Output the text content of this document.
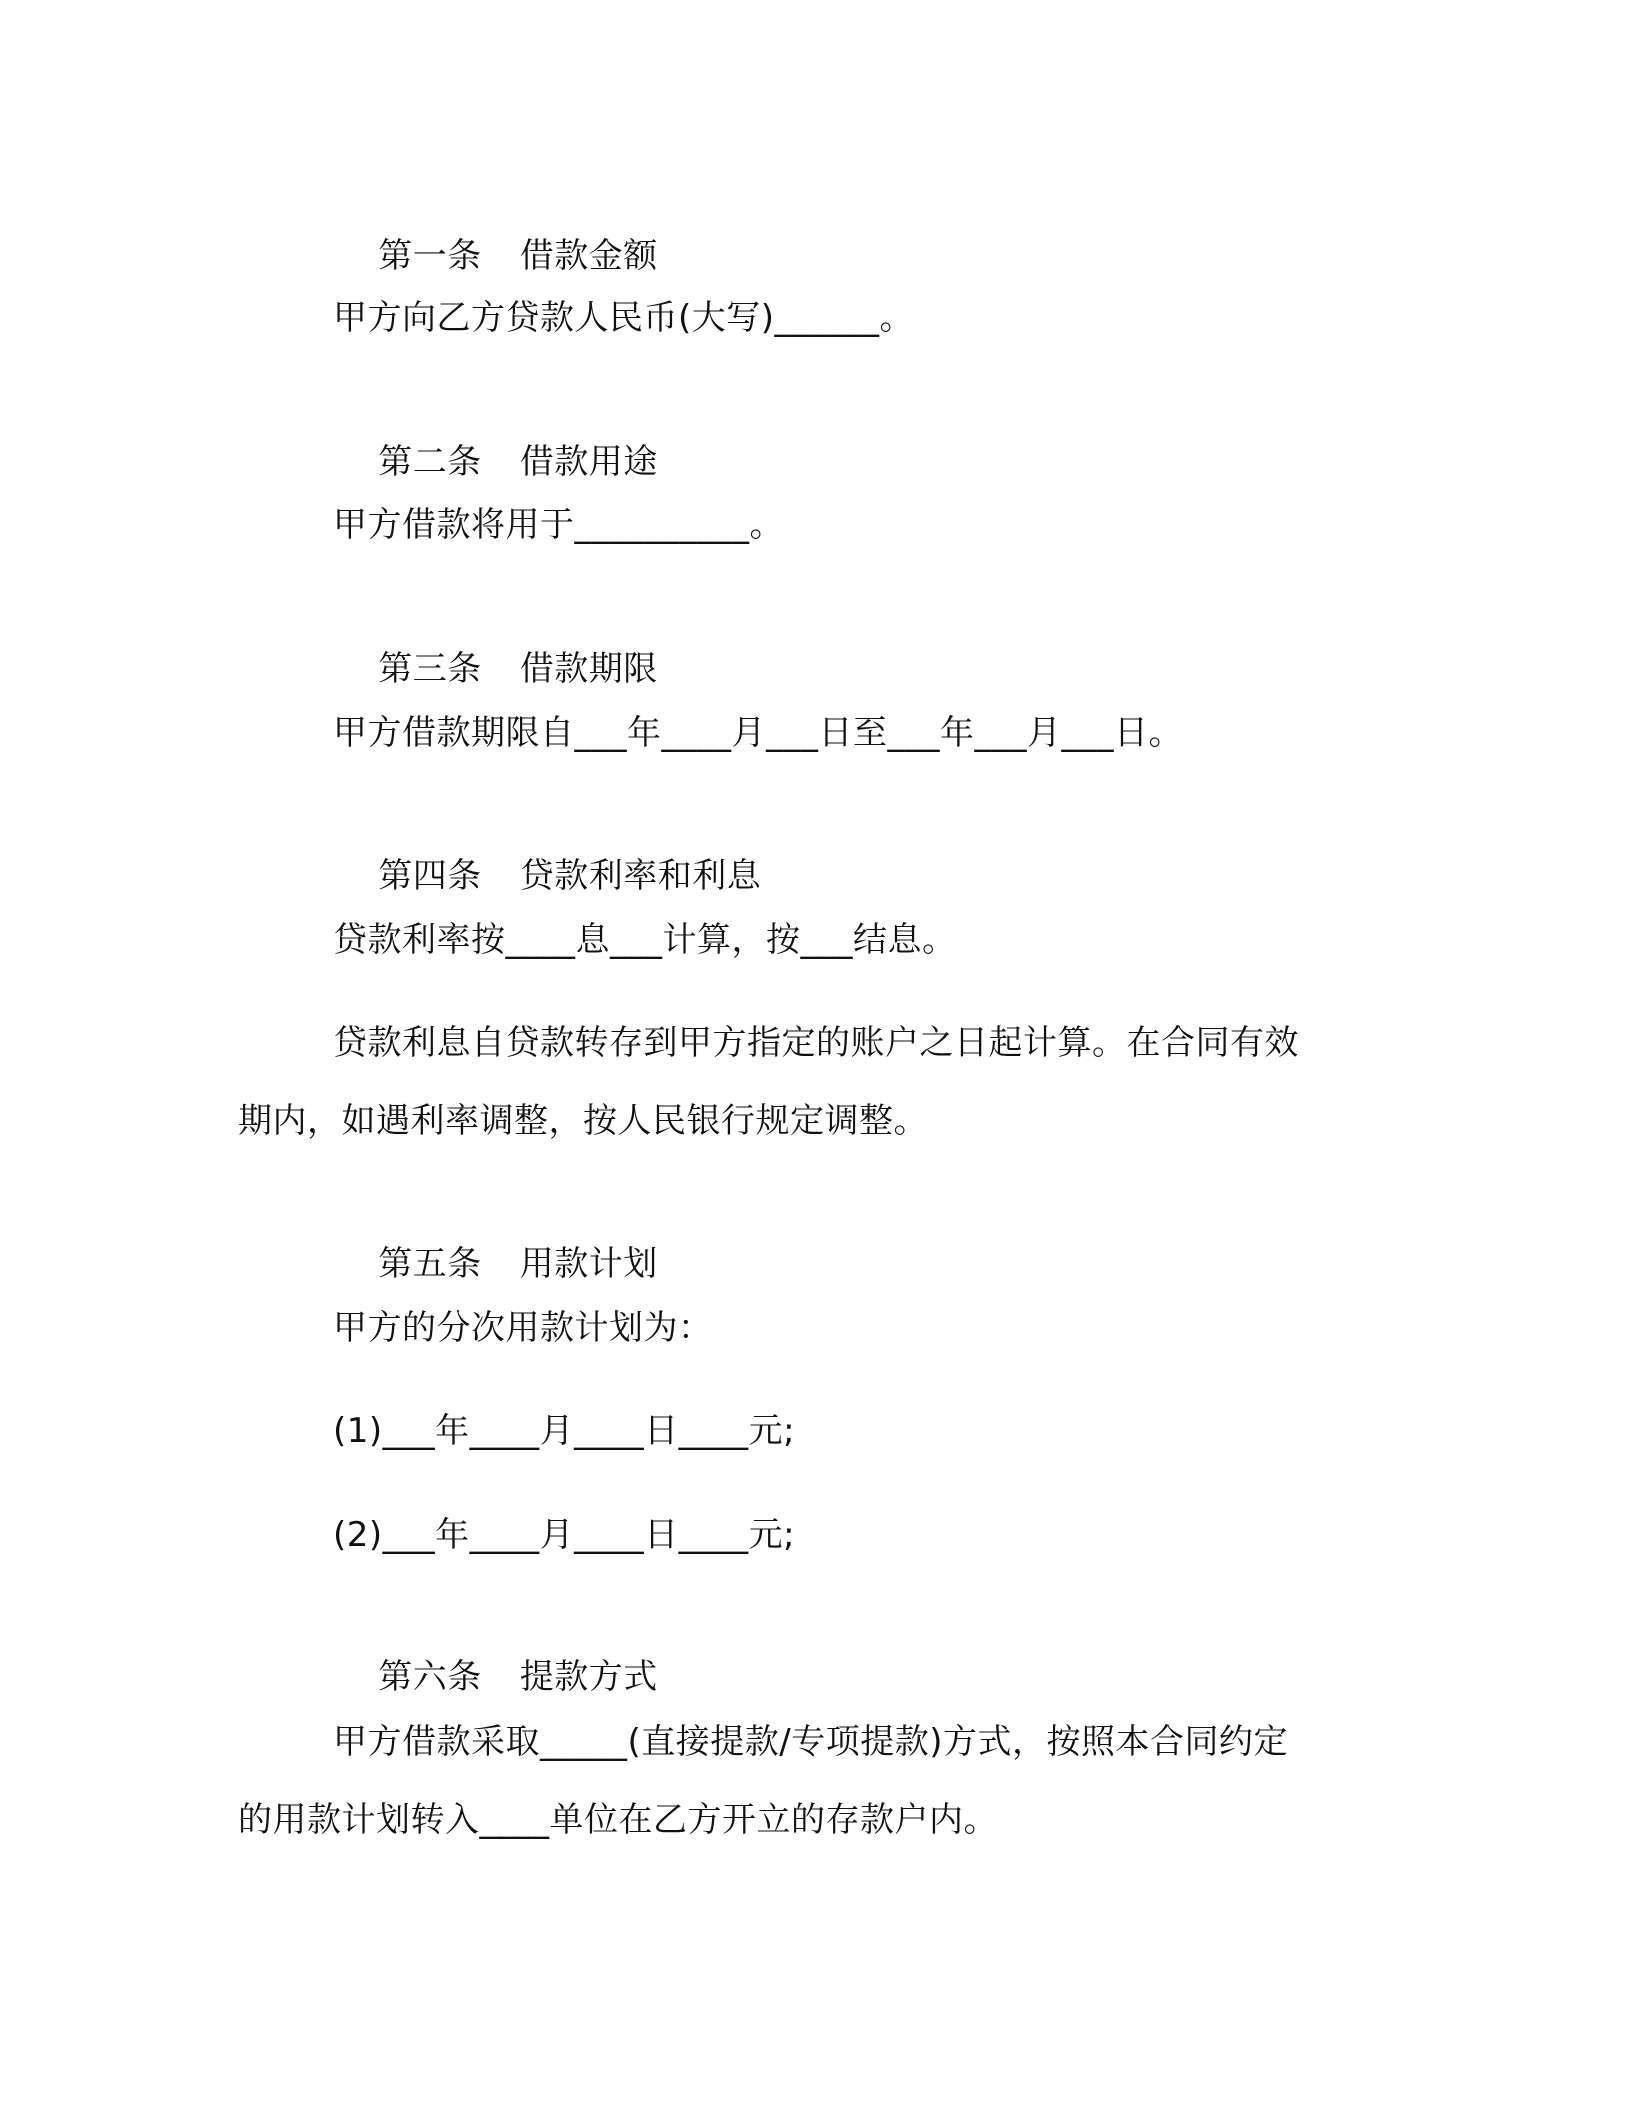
第一条 借款金额

甲方向乙方贷款人民币(大写)______。

第二条 借款用途

甲方借款将用于__________。

第三条 借款期限

甲方借款期限自___年____月___日至___年___月___日。

第四条 贷款利率和利息

贷款利率按____息___计算，按___结息。
贷款利息自贷款转存到甲方指定的账户之日起计算。在合同有效
期内，如遇利率调整，按人民银行规定调整。

第五条 用款计划

甲方的分次用款计划为：
(1)___年____月____日____元;
(2)___年____月____日____元;

第六条 提款方式

甲方借款采取_____(直接提款/专项提款)方式，按照本合同约定
的用款计划转入____单位在乙方开立的存款户内。
